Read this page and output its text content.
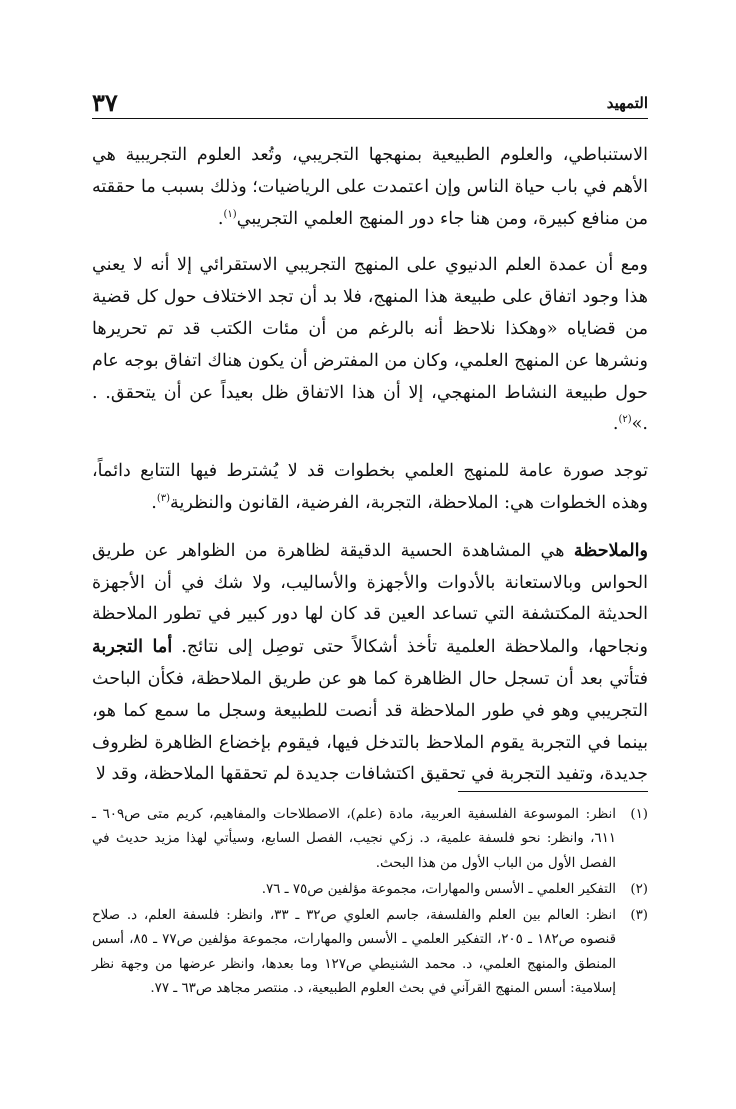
التمهيد
٣٧

الاستنباطي، والعلوم الطبيعية بمنهجها التجريبي، وتُعد العلوم التجريبية هي الأهم في باب حياة الناس وإن اعتمدت على الرياضيات؛ وذلك بسبب ما حققته من منافع كبيرة، ومن هنا جاء دور المنهج العلمي التجريبي$^{(١)}$.

ومع أن عمدة العلم الدنيوي على المنهج التجريبي الاستقرائي إلا أنه لا يعني هذا وجود اتفاق على طبيعة هذا المنهج، فلا بد أن تجد الاختلاف حول كل قضية من قضاياه «وهكذا نلاحظ أنه بالرغم من أن مئات الكتب قد تم تحريرها ونشرها عن المنهج العلمي، وكان من المفترض أن يكون هناك اتفاق بوجه عام حول طبيعة النشاط المنهجي، إلا أن هذا الاتفاق ظل بعيداً عن أن يتحقق. . .»$^{(٢)}$.

توجد صورة عامة للمنهج العلمي بخطوات قد لا يُشترط فيها التتابع دائماً، وهذه الخطوات هي: الملاحظة، التجربة، الفرضية، القانون والنظرية$^{(٣)}$.

والملاحظة هي المشاهدة الحسية الدقيقة لظاهرة من الظواهر عن طريق الحواس وبالاستعانة بالأدوات والأجهزة والأساليب، ولا شك في أن الأجهزة الحديثة المكتشفة التي تساعد العين قد كان لها دور كبير في تطور الملاحظة ونجاحها، والملاحظة العلمية تأخذ أشكالاً حتى توصِل إلى نتائج. أما التجربة فتأتي بعد أن تسجل حال الظاهرة كما هو عن طريق الملاحظة، فكأن الباحث التجريبي وهو في طور الملاحظة قد أنصت للطبيعة وسجل ما سمع كما هو، بينما في التجربة يقوم الملاحظ بالتدخل فيها، فيقوم بإخضاع الظاهرة لظروف جديدة، وتفيد التجربة في تحقيق اكتشافات جديدة لم تحققها الملاحظة، وقد لا

(١)
انظر: الموسوعة الفلسفية العربية، مادة (علم)، الاصطلاحات والمفاهيم، كريم متى ص٦٠٩ ـ ٦١١، وانظر: نحو فلسفة علمية، د. زكي نجيب، الفصل السابع، وسيأتي لهذا مزيد حديث في الفصل الأول من الباب الأول من هذا البحث.
(٢)
التفكير العلمي ـ الأسس والمهارات، مجموعة مؤلفين ص٧٥ ـ ٧٦.
(٣)
انظر: العالم بين العلم والفلسفة، جاسم العلوي ص٣٢ ـ ٣٣، وانظر: فلسفة العلم، د. صلاح قنصوه ص١٨٢ ـ ٢٠٥، التفكير العلمي ـ الأسس والمهارات، مجموعة مؤلفين ص٧٧ ـ ٨٥، أسس المنطق والمنهج العلمي، د. محمد الشنيطي ص١٢٧ وما بعدها، وانظر عرضها من وجهة نظر إسلامية: أسس المنهج القرآني في بحث العلوم الطبيعية، د. منتصر مجاهد ص٦٣ ـ ٧٧.
